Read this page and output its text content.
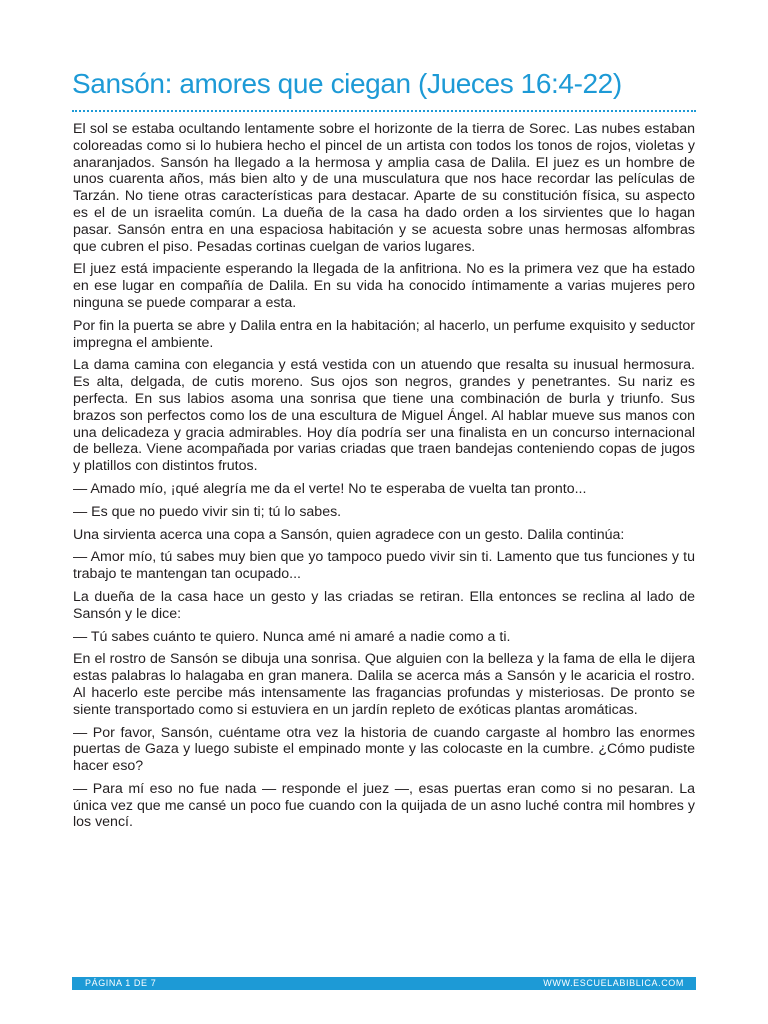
Sansón: amores que ciegan (Jueces 16:4-22)

El sol se estaba ocultando lentamente sobre el horizonte de la tierra de Sorec. Las nubes estaban coloreadas como si lo hubiera hecho el pincel de un artista con todos los tonos de rojos, violetas y anaranjados. Sansón ha llegado a la hermosa y amplia casa de Dalila. El juez es un hombre de unos cuarenta años, más bien alto y de una musculatura que nos hace recordar las películas de Tarzán. No tiene otras características para destacar. Aparte de su constitución física, su aspecto es el de un israelita común. La dueña de la casa ha dado orden a los sirvientes que lo hagan pasar. Sansón entra en una espaciosa habitación y se acuesta sobre unas hermosas alfombras que cubren el piso. Pesadas cortinas cuelgan de varios lugares.

El juez está impaciente esperando la llegada de la anfitriona. No es la primera vez que ha estado en ese lugar en compañía de Dalila. En su vida ha conocido íntimamente a varias mujeres pero ninguna se puede comparar a esta.

Por fin la puerta se abre y Dalila entra en la habitación; al hacerlo, un perfume exquisito y seductor impregna el ambiente.

La dama camina con elegancia y está vestida con un atuendo que resalta su inusual hermosura. Es alta, delgada, de cutis moreno. Sus ojos son negros, grandes y penetrantes. Su nariz es perfecta. En sus labios asoma una sonrisa que tiene una combinación de burla y triunfo. Sus brazos son perfectos como los de una escultura de Miguel Ángel. Al hablar mueve sus manos con una delicadeza y gracia admirables. Hoy día podría ser una finalista en un concurso internacional de belleza. Viene acompañada por varias criadas que traen bandejas conteniendo copas de jugos y platillos con distintos frutos.

— Amado mío, ¡qué alegría me da el verte! No te esperaba de vuelta tan pronto...

— Es que no puedo vivir sin ti; tú lo sabes.

Una sirvienta acerca una copa a Sansón, quien agradece con un gesto. Dalila continúa:

— Amor mío, tú sabes muy bien que yo tampoco puedo vivir sin ti. Lamento que tus funciones y tu trabajo te mantengan tan ocupado...

La dueña de la casa hace un gesto y las criadas se retiran. Ella entonces se reclina al lado de Sansón y le dice:

— Tú sabes cuánto te quiero. Nunca amé ni amaré a nadie como a ti.

En el rostro de Sansón se dibuja una sonrisa. Que alguien con la belleza y la fama de ella le dijera estas palabras lo halagaba en gran manera. Dalila se acerca más a Sansón y le acaricia el rostro. Al hacerlo este percibe más intensamente las fragancias profundas y misteriosas. De pronto se siente transportado como si estuviera en un jardín repleto de exóticas plantas aromáticas.

— Por favor, Sansón, cuéntame otra vez la historia de cuando cargaste al hombro las enormes puertas de Gaza y luego subiste el empinado monte y las colocaste en la cumbre. ¿Cómo pudiste hacer eso?

— Para mí eso no fue nada — responde el juez —, esas puertas eran como si no pesaran. La única vez que me cansé un poco fue cuando con la quijada de un asno luché contra mil hombres y los vencí.

PÁGINA 1 DE 7	WWW.ESCUELABIBLICA.COM
